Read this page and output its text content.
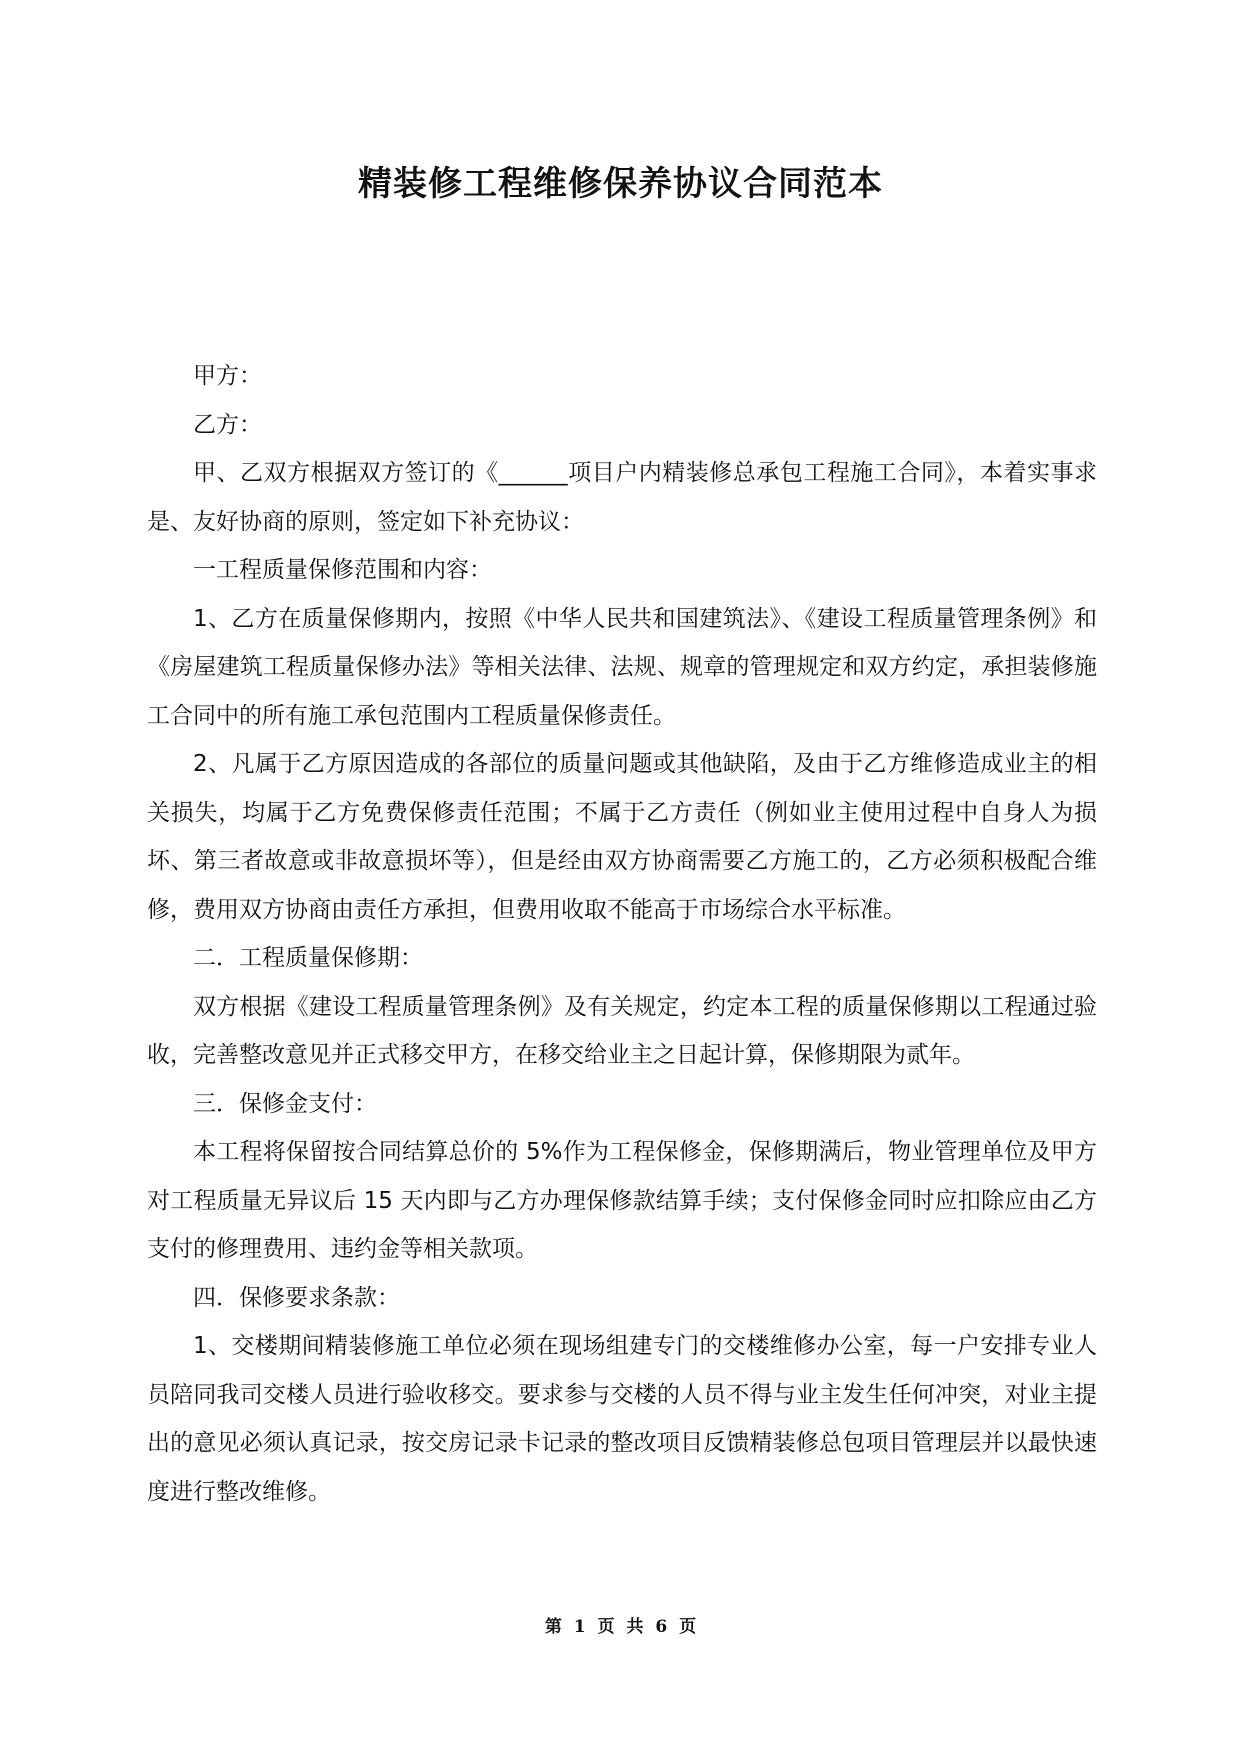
精装修工程维修保养协议合同范本

甲方：

乙方：

甲、乙双方根据双方签订的《______项目户内精装修总承包工程施工合同》，本着实事求是、友好协商的原则，签定如下补充协议：

一工程质量保修范围和内容：

1、乙方在质量保修期内，按照《中华人民共和国建筑法》、《建设工程质量管理条例》和《房屋建筑工程质量保修办法》等相关法律、法规、规章的管理规定和双方约定，承担装修施工合同中的所有施工承包范围内工程质量保修责任。

2、凡属于乙方原因造成的各部位的质量问题或其他缺陷，及由于乙方维修造成业主的相关损失，均属于乙方免费保修责任范围；不属于乙方责任（例如业主使用过程中自身人为损坏、第三者故意或非故意损坏等），但是经由双方协商需要乙方施工的，乙方必须积极配合维修，费用双方协商由责任方承担，但费用收取不能高于市场综合水平标准。

二．工程质量保修期：

双方根据《建设工程质量管理条例》及有关规定，约定本工程的质量保修期以工程通过验收，完善整改意见并正式移交甲方，在移交给业主之日起计算，保修期限为贰年。

三．保修金支付：

本工程将保留按合同结算总价的 5%作为工程保修金，保修期满后，物业管理单位及甲方对工程质量无异议后 15 天内即与乙方办理保修款结算手续；支付保修金同时应扣除应由乙方支付的修理费用、违约金等相关款项。

四．保修要求条款：

1、交楼期间精装修施工单位必须在现场组建专门的交楼维修办公室，每一户安排专业人员陪同我司交楼人员进行验收移交。要求参与交楼的人员不得与业主发生任何冲突，对业主提出的意见必须认真记录，按交房记录卡记录的整改项目反馈精装修总包项目管理层并以最快速度进行整改维修。

第 1 页 共 6 页
